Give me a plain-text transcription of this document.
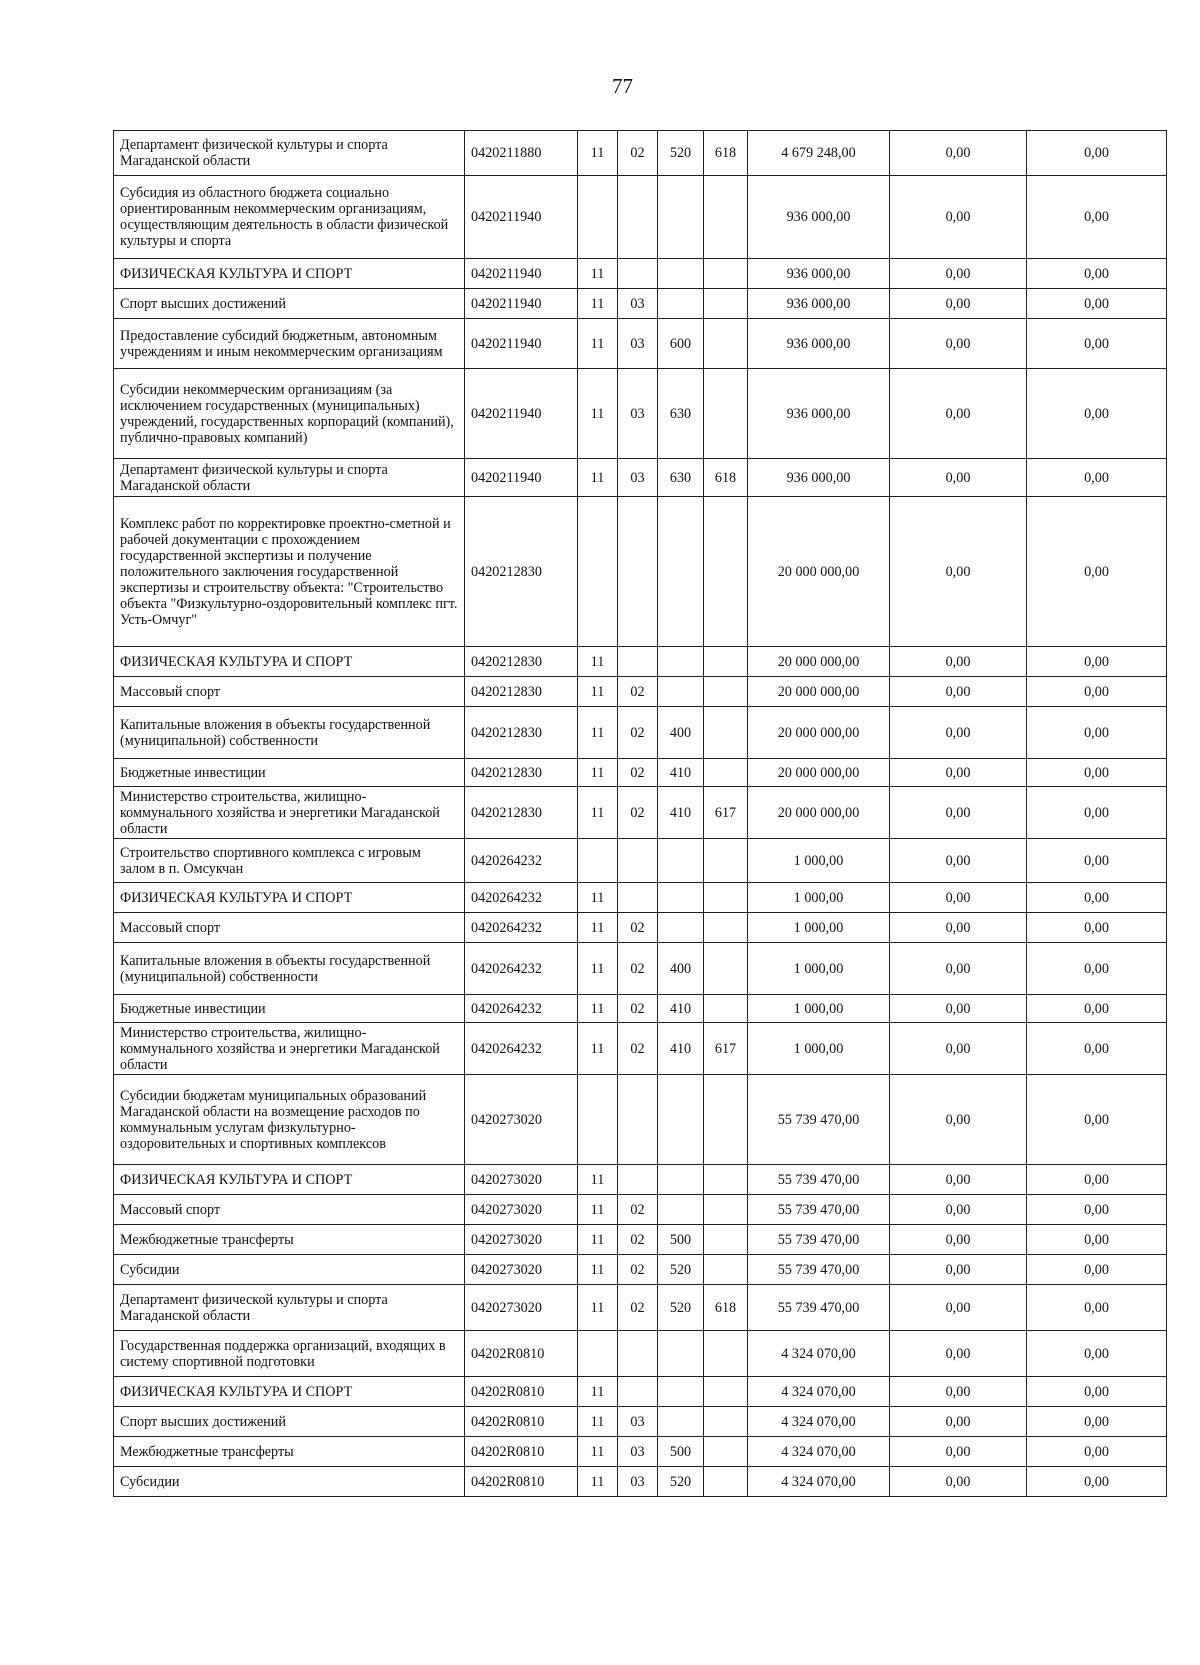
77
Департамент физической культуры и спорта Магаданской области	0420211880	11	02	520	618	4 679 248,00	0,00	0,00
Субсидия из областного бюджета социально ориентированным некоммерческим организациям, осуществляющим деятельность в области физической культуры и спорта	0420211940					936 000,00	0,00	0,00
ФИЗИЧЕСКАЯ КУЛЬТУРА И СПОРТ	0420211940	11				936 000,00	0,00	0,00
Спорт высших достижений	0420211940	11	03			936 000,00	0,00	0,00
Предоставление субсидий бюджетным, автономным учреждениям и иным некоммерческим организациям	0420211940	11	03	600		936 000,00	0,00	0,00
Субсидии некоммерческим организациям (за исключением государственных (муниципальных) учреждений, государственных корпораций (компаний), публично-правовых компаний)	0420211940	11	03	630		936 000,00	0,00	0,00
Департамент физической культуры и спорта Магаданской области	0420211940	11	03	630	618	936 000,00	0,00	0,00
Комплекс работ по корректировке проектно-сметной и рабочей документации с прохождением государственной экспертизы и получение положительного заключения государственной экспертизы и строительству объекта: "Строительство объекта "Физкультурно-оздоровительный комплекс пгт. Усть-Омчуг"	0420212830					20 000 000,00	0,00	0,00
ФИЗИЧЕСКАЯ КУЛЬТУРА И СПОРТ	0420212830	11				20 000 000,00	0,00	0,00
Массовый спорт	0420212830	11	02			20 000 000,00	0,00	0,00
Капитальные вложения в объекты государственной (муниципальной) собственности	0420212830	11	02	400		20 000 000,00	0,00	0,00
Бюджетные инвестиции	0420212830	11	02	410		20 000 000,00	0,00	0,00
Министерство строительства, жилищно-коммунального хозяйства и энергетики Магаданской области	0420212830	11	02	410	617	20 000 000,00	0,00	0,00
Строительство спортивного комплекса с игровым залом в п. Омсукчан	0420264232					1 000,00	0,00	0,00
ФИЗИЧЕСКАЯ КУЛЬТУРА И СПОРТ	0420264232	11				1 000,00	0,00	0,00
Массовый спорт	0420264232	11	02			1 000,00	0,00	0,00
Капитальные вложения в объекты государственной (муниципальной) собственности	0420264232	11	02	400		1 000,00	0,00	0,00
Бюджетные инвестиции	0420264232	11	02	410		1 000,00	0,00	0,00
Министерство строительства, жилищно-коммунального хозяйства и энергетики Магаданской области	0420264232	11	02	410	617	1 000,00	0,00	0,00
Субсидии бюджетам муниципальных образований Магаданской области на возмещение расходов по коммунальным услугам физкультурно-оздоровительных и спортивных комплексов	0420273020					55 739 470,00	0,00	0,00
ФИЗИЧЕСКАЯ КУЛЬТУРА И СПОРТ	0420273020	11				55 739 470,00	0,00	0,00
Массовый спорт	0420273020	11	02			55 739 470,00	0,00	0,00
Межбюджетные трансферты	0420273020	11	02	500		55 739 470,00	0,00	0,00
Субсидии	0420273020	11	02	520		55 739 470,00	0,00	0,00
Департамент физической культуры и спорта Магаданской области	0420273020	11	02	520	618	55 739 470,00	0,00	0,00
Государственная поддержка организаций, входящих в систему спортивной подготовки	04202R0810					4 324 070,00	0,00	0,00
ФИЗИЧЕСКАЯ КУЛЬТУРА И СПОРТ	04202R0810	11				4 324 070,00	0,00	0,00
Спорт высших достижений	04202R0810	11	03			4 324 070,00	0,00	0,00
Межбюджетные трансферты	04202R0810	11	03	500		4 324 070,00	0,00	0,00
Субсидии	04202R0810	11	03	520		4 324 070,00	0,00	0,00
